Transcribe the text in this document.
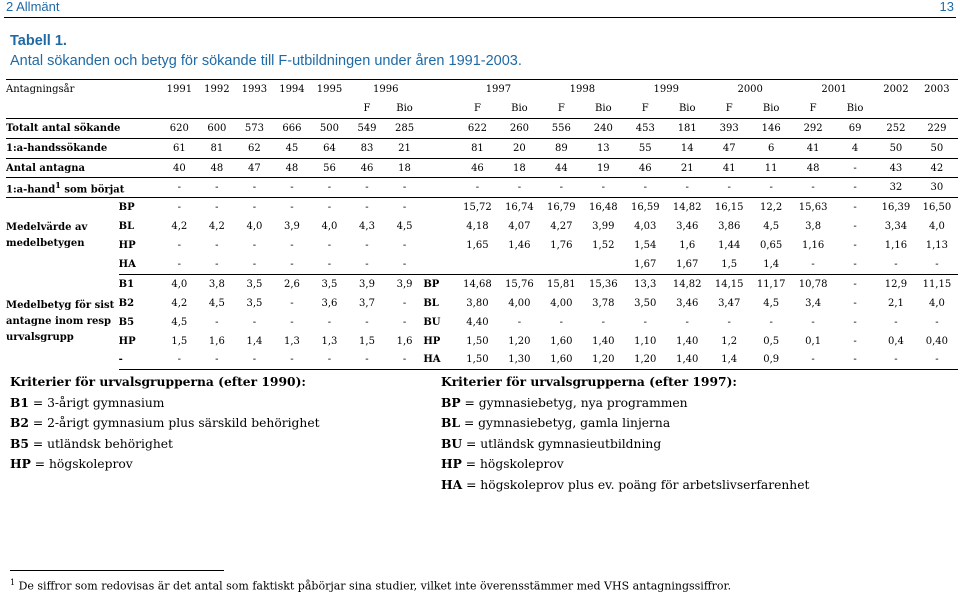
2 Allmänt	13
Tabell 1.
Antal sökanden och betyg för sökande till F-utbildningen under åren 1991-2003.
Antagningsår		1991	1992	1993	1994	1995	1996			1997		1998		1999		2000		2001		2002	2003
							F	Bio		F	Bio	F	Bio	F	Bio	F	Bio	F	Bio		
Totalt antal sökande		620	600	573	666	500	549	285		622	260	556	240	453	181	393	146	292	69	252	229
1:a-handssökande		61	81	62	45	64	83	21		81	20	89	13	55	14	47	6	41	4	50	50
Antal antagna		40	48	47	48	56	46	18		46	18	44	19	46	21	41	11	48	-	43	42
1:a-hand$^1$ som börjat		-	-	-	-	-	-	-		-	-	-	-	-	-	-	-	-	-	32	30
Medelvärde av medelbetygen	BP	-	-	-	-	-	-	-		15,72	16,74	16,79	16,48	16,59	14,82	16,15	12,2	15,63	-	16,39	16,50
	BL	4,2	4,2	4,0	3,9	4,0	4,3	4,5		4,18	4,07	4,27	3,99	4,03	3,46	3,86	4,5	3,8	-	3,34	4,0
	HP	-	-	-	-	-	-	-		1,65	1,46	1,76	1,52	1,54	1,6	1,44	0,65	1,16	-	1,16	1,13
	HA	-	-	-	-	-	-	-						1,67	1,67	1,5	1,4	-	-	-	-
Medelbetyg för sist antagne inom resp urvalsgrupp	B1	4,0	3,8	3,5	2,6	3,5	3,9	3,9	BP	14,68	15,76	15,81	15,36	13,3	14,82	14,15	11,17	10,78	-	12,9	11,15
	B2	4,2	4,5	3,5	-	3,6	3,7	-	BL	3,80	4,00	4,00	3,78	3,50	3,46	3,47	4,5	3,4	-	2,1	4,0
	B5	4,5	-	-	-	-	-	-	BU	4,40	-	-	-	-	-	-	-	-	-	-	-
	HP	1,5	1,6	1,4	1,3	1,3	1,5	1,6	HP	1,50	1,20	1,60	1,40	1,10	1,40	1,2	0,5	0,1	-	0,4	0,40
	-	-	-	-	-	-	-	-	HA	1,50	1,30	1,60	1,20	1,20	1,40	1,4	0,9	-	-	-	-
Kriterier för urvalsgrupperna (efter 1990):
B1 = 3-årigt gymnasium
B2 = 2-årigt gymnasium plus särskild behörighet
B5 = utländsk behörighet
HP = högskoleprov
Kriterier för urvalsgrupperna (efter 1997):
BP = gymnasiebetyg, nya programmen
BL = gymnasiebetyg, gamla linjerna
BU = utländsk gymnasieutbildning
HP = högskoleprov
HA = högskoleprov plus ev. poäng för arbetslivserfarenhet
$^1$ De siffror som redovisas är det antal som faktiskt påbörjar sina studier, vilket inte överensstämmer med VHS antagningssiffror.
